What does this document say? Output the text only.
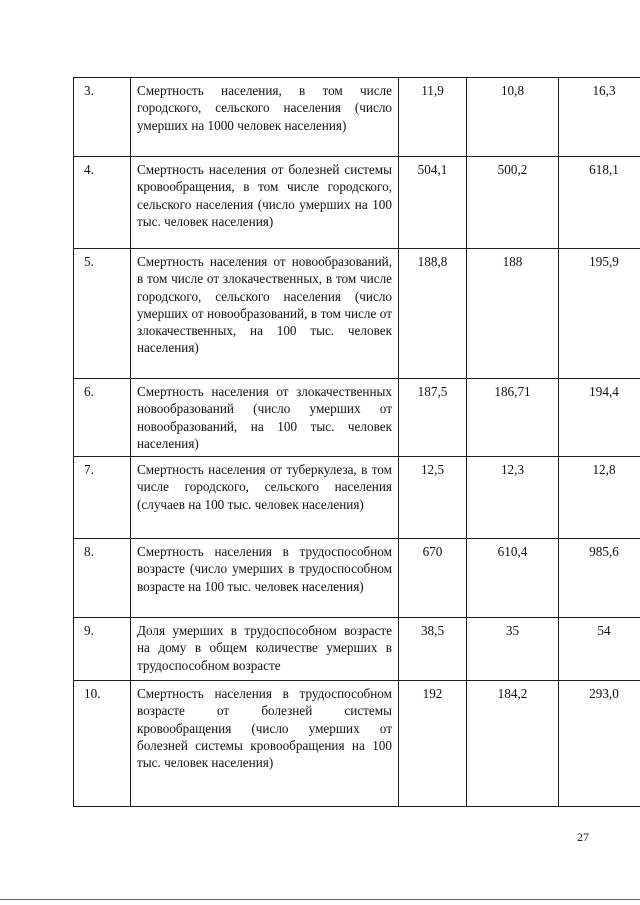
3.	Смертность населения, в том числе городского, сельского населения (число умерших на 1000 человек населения)	11,9	10,8	16,3
4.	Смертность населения от болезней системы кровообращения, в том числе городского, сельского населения (число умерших на 100 тыс. человек населения)	504,1	500,2	618,1
5.	Смертность населения от новообразований, в том числе от злокачественных, в том числе городского, сельского населения (число умерших от новообразований, в том числе от злокачественных, на 100 тыс. человек населения)	188,8	188	195,9
6.	Смертность населения от злокачественных новообразований (число умерших от новообразований, на 100 тыс. человек населения)	187,5	186,71	194,4
7.	Смертность населения от туберкулеза, в том числе городского, сельского населения (случаев на 100 тыс. человек населения)	12,5	12,3	12,8
8.	Смертность населения в трудоспособном возрасте (число умерших в трудоспособном возрасте на 100 тыс. человек населения)	670	610,4	985,6
9.	Доля умерших в трудоспособном возрасте на дому в общем количестве умерших в трудоспособном возрасте	38,5	35	54
10.	Смертность населения в трудоспособном возрасте от болезней системы кровообращения (число умерших от болезней системы кровообращения на 100 тыс. человек населения)	192	184,2	293,0
27
